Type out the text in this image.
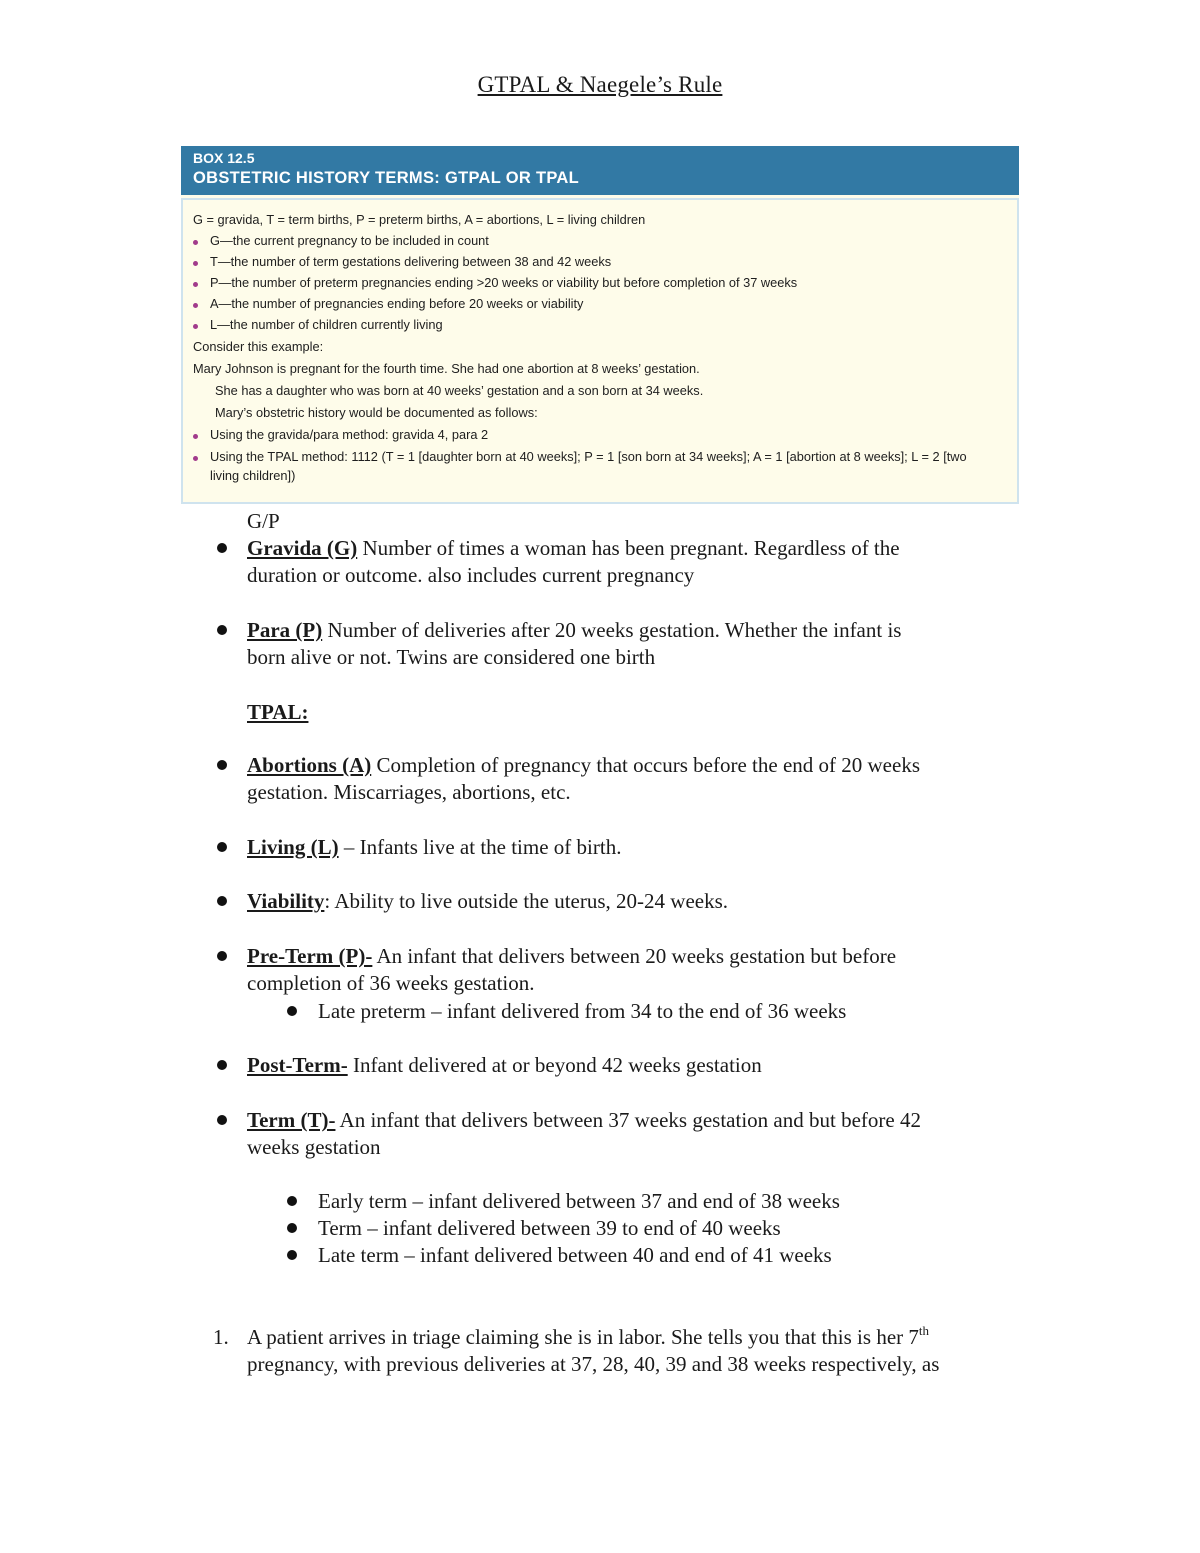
GTPAL & Naegele’s Rule
BOX 12.5
OBSTETRIC HISTORY TERMS: GTPAL OR TPAL
G = gravida, T = term births, P = preterm births, A = abortions, L = living children
G—the current pregnancy to be included in count
T—the number of term gestations delivering between 38 and 42 weeks
P—the number of preterm pregnancies ending >20 weeks or viability but before completion of 37 weeks
A—the number of pregnancies ending before 20 weeks or viability
L—the number of children currently living
Consider this example:
Mary Johnson is pregnant for the fourth time. She had one abortion at 8 weeks’ gestation.
She has a daughter who was born at 40 weeks’ gestation and a son born at 34 weeks.
Mary’s obstetric history would be documented as follows:
Using the gravida/para method: gravida 4, para 2
Using the TPAL method: 1112 (T = 1 [daughter born at 40 weeks]; P = 1 [son born at 34 weeks]; A = 1 [abortion at 8 weeks]; L = 2 [two
living children])
G/P
Gravida (G) Number of times a woman has been pregnant. Regardless of the
duration or outcome. also includes current pregnancy
Para (P) Number of deliveries after 20 weeks gestation. Whether the infant is
born alive or not. Twins are considered one birth
TPAL:
Abortions (A) Completion of pregnancy that occurs before the end of 20 weeks
gestation. Miscarriages, abortions, etc.
Living (L) – Infants live at the time of birth.
Viability: Ability to live outside the uterus, 20-24 weeks.
Pre-Term (P)- An infant that delivers between 20 weeks gestation but before
completion of 36 weeks gestation.
Late preterm – infant delivered from 34 to the end of 36 weeks
Post-Term- Infant delivered at or beyond 42 weeks gestation
Term (T)- An infant that delivers between 37 weeks gestation and but before 42
weeks gestation
Early term – infant delivered between 37 and end of 38 weeks
Term – infant delivered between 39 to end of 40 weeks
Late term – infant delivered between 40 and end of 41 weeks
1. A patient arrives in triage claiming she is in labor. She tells you that this is her 7th
pregnancy, with previous deliveries at 37, 28, 40, 39 and 38 weeks respectively, as
